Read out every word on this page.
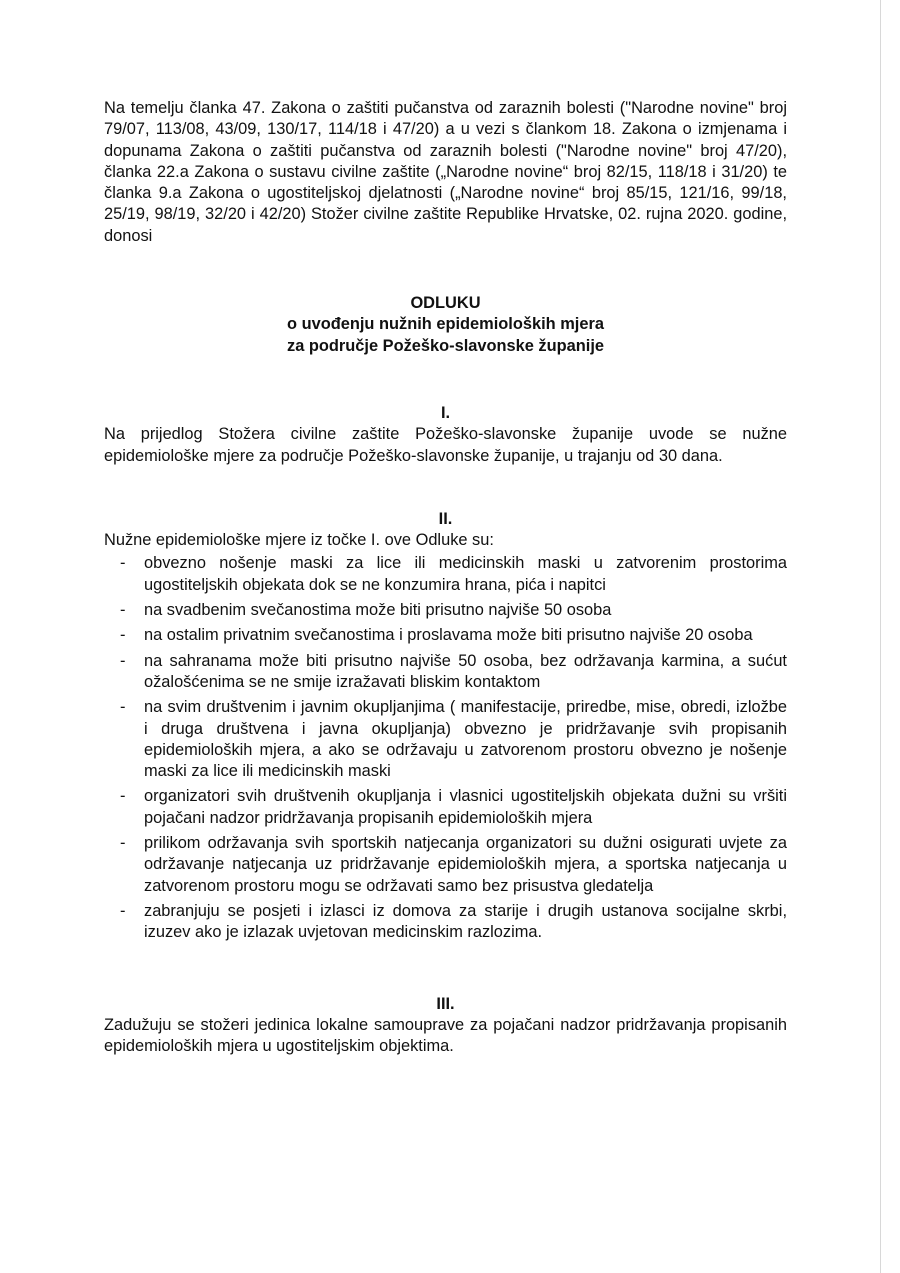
Na temelju članka 47. Zakona o zaštiti pučanstva od zaraznih bolesti ("Narodne novine" broj 79/07, 113/08, 43/09, 130/17, 114/18 i 47/20) a u vezi s člankom 18. Zakona o izmjenama i dopunama Zakona o zaštiti pučanstva od zaraznih bolesti ("Narodne novine" broj 47/20), članka 22.a Zakona o sustavu civilne zaštite („Narodne novine“ broj 82/15, 118/18 i 31/20) te članka 9.a Zakona o ugostiteljskoj djelatnosti („Narodne novine“ broj 85/15, 121/16, 99/18, 25/19, 98/19, 32/20 i 42/20) Stožer civilne zaštite Republike Hrvatske, 02. rujna 2020. godine, donosi

ODLUKU

o uvođenju nužnih epidemioloških mjera

za područje Požeško-slavonske županije

I.

Na prijedlog Stožera civilne zaštite Požeško-slavonske županije uvode se nužne epidemiološke mjere za područje Požeško-slavonske županije, u trajanju od 30 dana.

II.

Nužne epidemiološke mjere iz točke I. ove Odluke su:

- obvezno nošenje maski za lice ili medicinskih maski u zatvorenim prostorima ugostiteljskih objekata dok se ne konzumira hrana, pića i napitci
- na svadbenim svečanostima može biti prisutno najviše 50 osoba
- na ostalim privatnim svečanostima i proslavama može biti prisutno najviše 20 osoba
- na sahranama može biti prisutno najviše 50 osoba, bez održavanja karmina, a sućut ožalošćenima se ne smije izražavati bliskim kontaktom
- na svim društvenim i javnim okupljanjima ( manifestacije, priredbe, mise, obredi, izložbe i druga društvena i javna okupljanja) obvezno je pridržavanje svih propisanih epidemioloških mjera, a ako se održavaju u zatvorenom prostoru obvezno je nošenje maski za lice ili medicinskih maski
- organizatori svih društvenih okupljanja i vlasnici ugostiteljskih objekata dužni su vršiti pojačani nadzor pridržavanja propisanih epidemioloških mjera
- prilikom održavanja svih sportskih natjecanja organizatori su dužni osigurati uvjete za održavanje natjecanja uz pridržavanje epidemioloških mjera, a sportska natjecanja u zatvorenom prostoru mogu se održavati samo bez prisustva gledatelja
- zabranjuju se posjeti i izlasci iz domova za starije i drugih ustanova socijalne skrbi, izuzev ako je izlazak uvjetovan medicinskim razlozima.

III.

Zadužuju se stožeri jedinica lokalne samouprave za pojačani nadzor pridržavanja propisanih epidemioloških mjera u ugostiteljskim objektima.
